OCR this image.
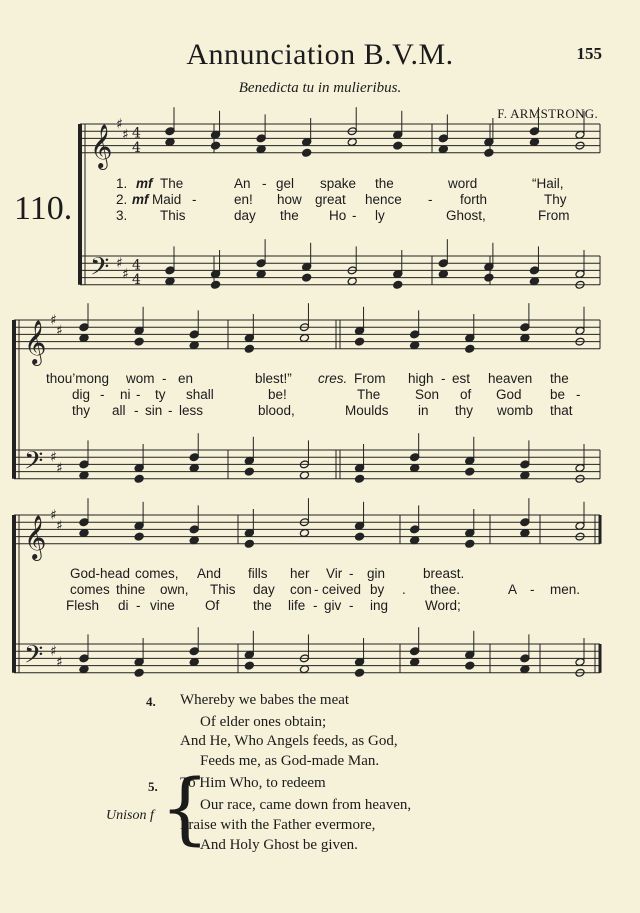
Annunciation B.V.M.	155
Benedicta tu in mulieribus.
F. ARMSTRONG.
110.
𝄞
𝄢
♯
♯
♯
♯
4
4
4
4
𝄞
𝄢
♯
♯
♯
♯
𝄞
𝄢
♯
♯
♯
♯
1. mf The	An - gel spake the	word	“Hail,
2. mf Maid -	en! how great hence - forth	Thy
3. This	day the Ho - ly	Ghost,	From
thou’mong wom - en	blest!” cres. From high - est heaven the
dig - ni - ty shall	be!	The	Son of God be -
thy all - sin - less	blood,	Moulds in thy womb that
God-head comes, And fills her Vir - gin	breast.
comes thine own, This day con - ceived by . thee.	A - men.
Flesh di - vine Of the life - giv - ing	Word;
4. Whereby we babes the meat
Of elder ones obtain;
And He, Who Angels feeds, as God,
Feeds me, as God-made Man.
5.
Unison f {
To Him Who, to redeem
Our race, came down from heaven,
Praise with the Father evermore,
And Holy Ghost be given.
